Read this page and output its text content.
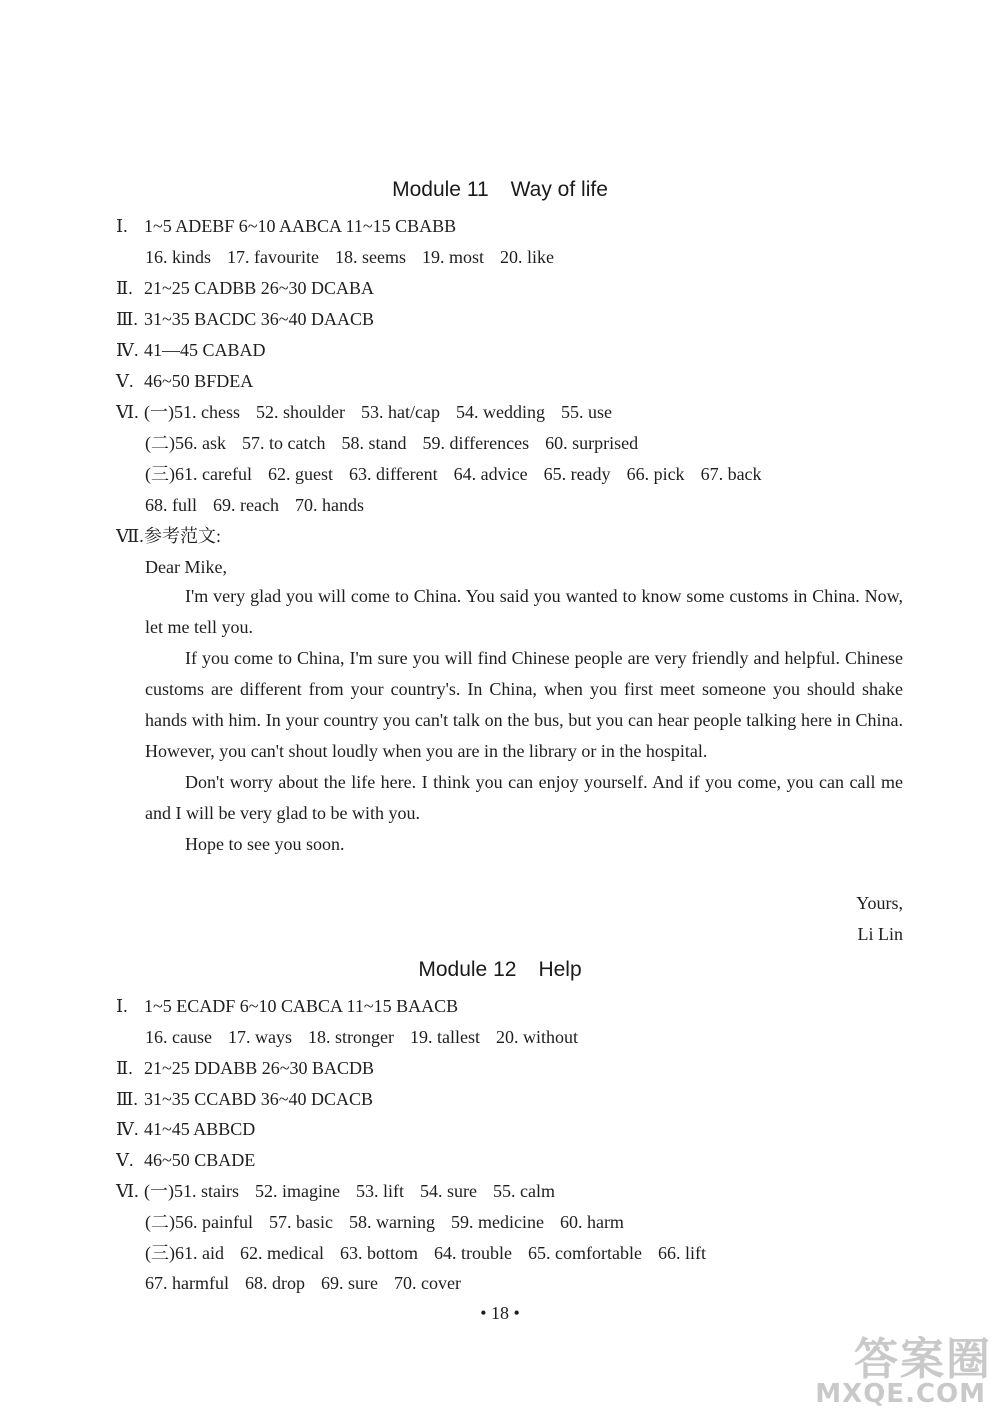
Module 11 Way of life
Ⅰ. 1~5 ADEBF 6~10 AABCA 11~15 CBABB
16. kinds 17. favourite 18. seems 19. most 20. like
Ⅱ. 21~25 CADBB 26~30 DCABA
Ⅲ. 31~35 BACDC 36~40 DAACB
Ⅳ. 41—45 CABAD
Ⅴ. 46~50 BFDEA
Ⅵ. (一)51. chess 52. shoulder 53. hat/cap 54. wedding 55. use
(二)56. ask 57. to catch 58. stand 59. differences 60. surprised
(三)61. careful 62. guest 63. different 64. advice 65. ready 66. pick 67. back
68. full 69. reach 70. hands
Ⅶ.参考范文:
Dear Mike,
I'm very glad you will come to China. You said you wanted to know some customs in China. Now, let me tell you.
If you come to China, I'm sure you will find Chinese people are very friendly and helpful. Chinese customs are different from your country's. In China, when you first meet someone you should shake hands with him. In your country you can't talk on the bus, but you can hear people talking here in China. However, you can't shout loudly when you are in the library or in the hospital.
Don't worry about the life here. I think you can enjoy yourself. And if you come, you can call me and I will be very glad to be with you.
Hope to see you soon.
Yours,
Li Lin
Module 12 Help
Ⅰ. 1~5 ECADF 6~10 CABCA 11~15 BAACB
16. cause 17. ways 18. stronger 19. tallest 20. without
Ⅱ. 21~25 DDABB 26~30 BACDB
Ⅲ. 31~35 CCABD 36~40 DCACB
Ⅳ. 41~45 ABBCD
Ⅴ. 46~50 CBADE
Ⅵ. (一)51. stairs 52. imagine 53. lift 54. sure 55. calm
(二)56. painful 57. basic 58. warning 59. medicine 60. harm
(三)61. aid 62. medical 63. bottom 64. trouble 65. comfortable 66. lift
67. harmful 68. drop 69. sure 70. cover
• 18 •
答案圈
MXQE.COM
